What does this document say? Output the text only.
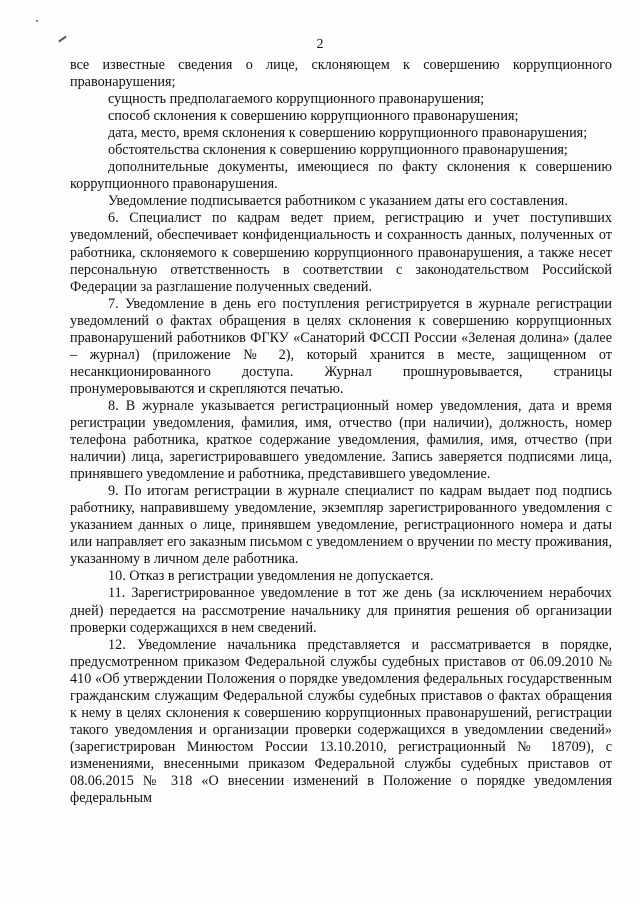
2

всe известные сведения о лице, склоняющем к совершению коррупционного правонарушения;

сущность предполагаемого коррупционного правонарушения;

способ склонения к совершению коррупционного правонарушения;

дата, место, время склонения к совершению коррупционного правонарушения;

обстоятельства склонения к совершению коррупционного правонарушения;

дополнительные документы, имеющиеся по факту склонения к совершению коррупционного правонарушения.

Уведомление подписывается работником с указанием даты его составления.

6. Специалист по кадрам ведет прием, регистрацию и учет поступивших уведомлений, обеспечивает конфиденциальность и сохранность данных, полученных от работника, склоняемого к совершению коррупционного правонарушения, а также несет персональную ответственность в соответствии с законодательством Российской Федерации за разглашение полученных сведений.

7. Уведомление в день его поступления регистрируется в журнале регистрации уведомлений о фактах обращения в целях склонения к совершению коррупционных правонарушений работников ФГКУ «Санаторий ФССП России «Зеленая долина» (далее – журнал) (приложение № 2), который хранится в месте, защищенном от несанкционированного доступа. Журнал прошнуровывается, страницы пронумеровываются и скрепляются печатью.

8. В журнале указывается регистрационный номер уведомления, дата и время регистрации уведомления, фамилия, имя, отчество (при наличии), должность, номер телефона работника, краткое содержание уведомления, фамилия, имя, отчество (при наличии) лица, зарегистрировавшего уведомление. Запись заверяется подписями лица, принявшего уведомление и работника, представившего уведомление.

9. По итогам регистрации в журнале специалист по кадрам выдает под подпись работнику, направившему уведомление, экземпляр зарегистрированного уведомления с указанием данных о лице, принявшем уведомление, регистрационного номера и даты или направляет его заказным письмом с уведомлением о вручении по месту проживания, указанному в личном деле работника.

10. Отказ в регистрации уведомления не допускается.

11. Зарегистрированное уведомление в тот же день (за исключением нерабочих дней) передается на рассмотрение начальнику для принятия решения об организации проверки содержащихся в нем сведений.

12. Уведомление начальника представляется и рассматривается в порядке, предусмотренном приказом Федеральной службы судебных приставов от 06.09.2010 № 410 «Об утверждении Положения о порядке уведомления федеральных государственным гражданским служащим Федеральной службы судебных приставов о фактах обращения к нему в целях склонения к совершению коррупционных правонарушений, регистрации такого уведомления и организации проверки содержащихся в уведомлении сведений» (зарегистрирован Минюстом России 13.10.2010, регистрационный № 18709), с изменениями, внесенными приказом Федеральной службы судебных приставов от 08.06.2015 № 318 «О внесении изменений в Положение о порядке уведомления федеральным
